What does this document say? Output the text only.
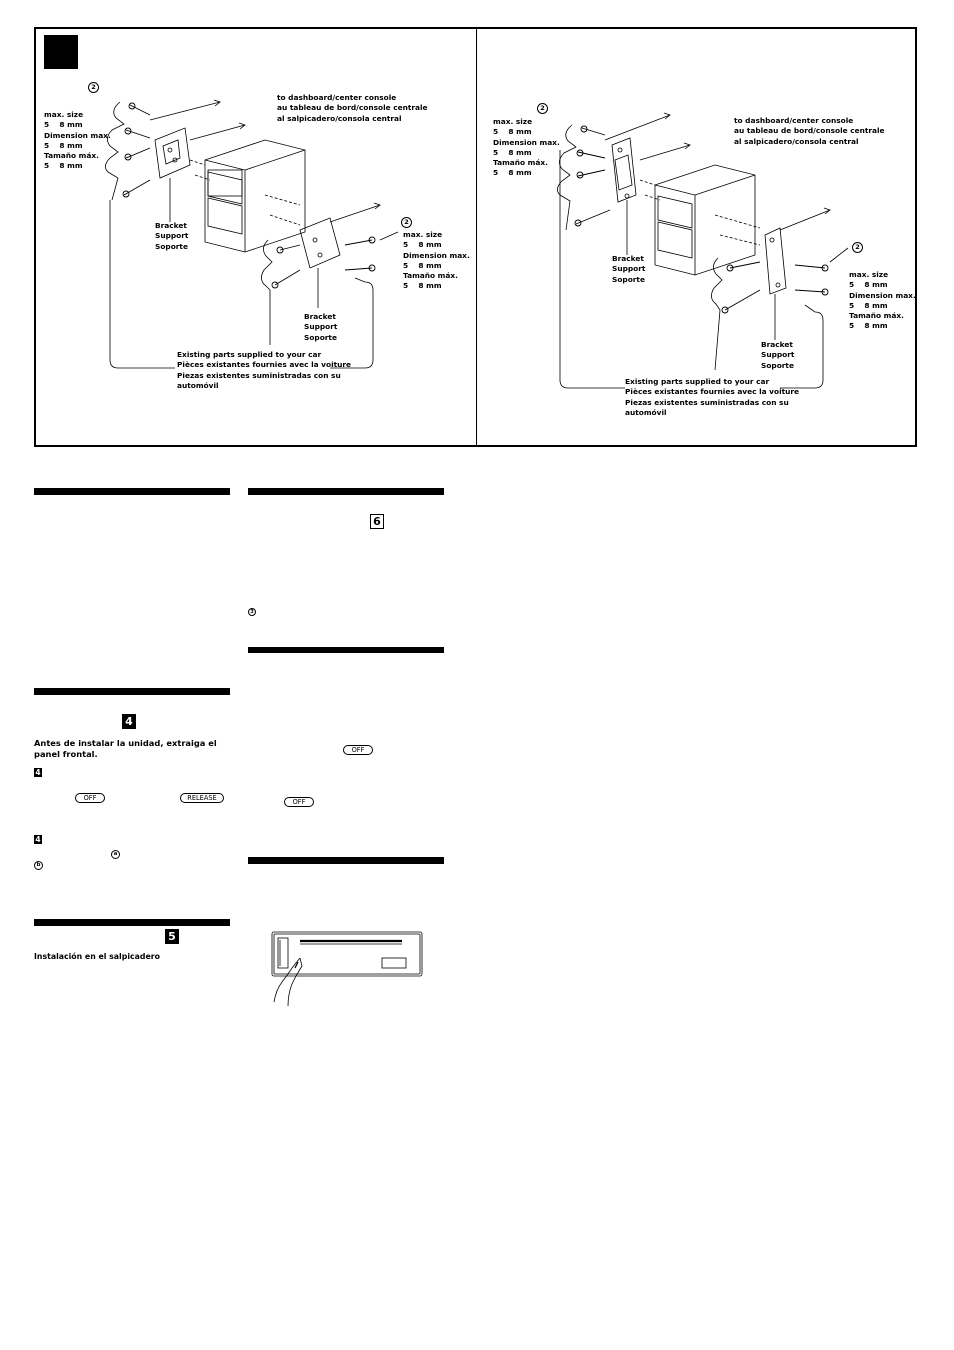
2
max. size
5    8 mm
Dimension max.
5    8 mm
Tamaño máx.
5    8 mm
to dashboard/center console
au tableau de bord/console centrale
al salpicadero/consola central
Bracket
Support
Soporte
2
max. size
5    8 mm
Dimension max.
5    8 mm
Tamaño máx.
5    8 mm
Bracket
Support
Soporte
Existing parts supplied to your car
Pièces existantes fournies avec la voiture
Piezas existentes suministradas con su
automóvil
2
max. size
5    8 mm
Dimension max.
5    8 mm
Tamaño máx.
5    8 mm
to dashboard/center console
au tableau de bord/console centrale
al salpicadero/consola central
Bracket
Support
Soporte
2
max. size
5    8 mm
Dimension max.
5    8 mm
Tamaño máx.
5    8 mm
Bracket
Support
Soporte
Existing parts supplied to your car
Pièces existantes fournies avec la voiture
Piezas existentes suministradas con su
automóvil
4
Antes de instalar la unidad, extraiga el panel frontal.
4
OFF	RELEASE
4
a
b
5
Instalación en el salpicadero
6
3
OFF
OFF
